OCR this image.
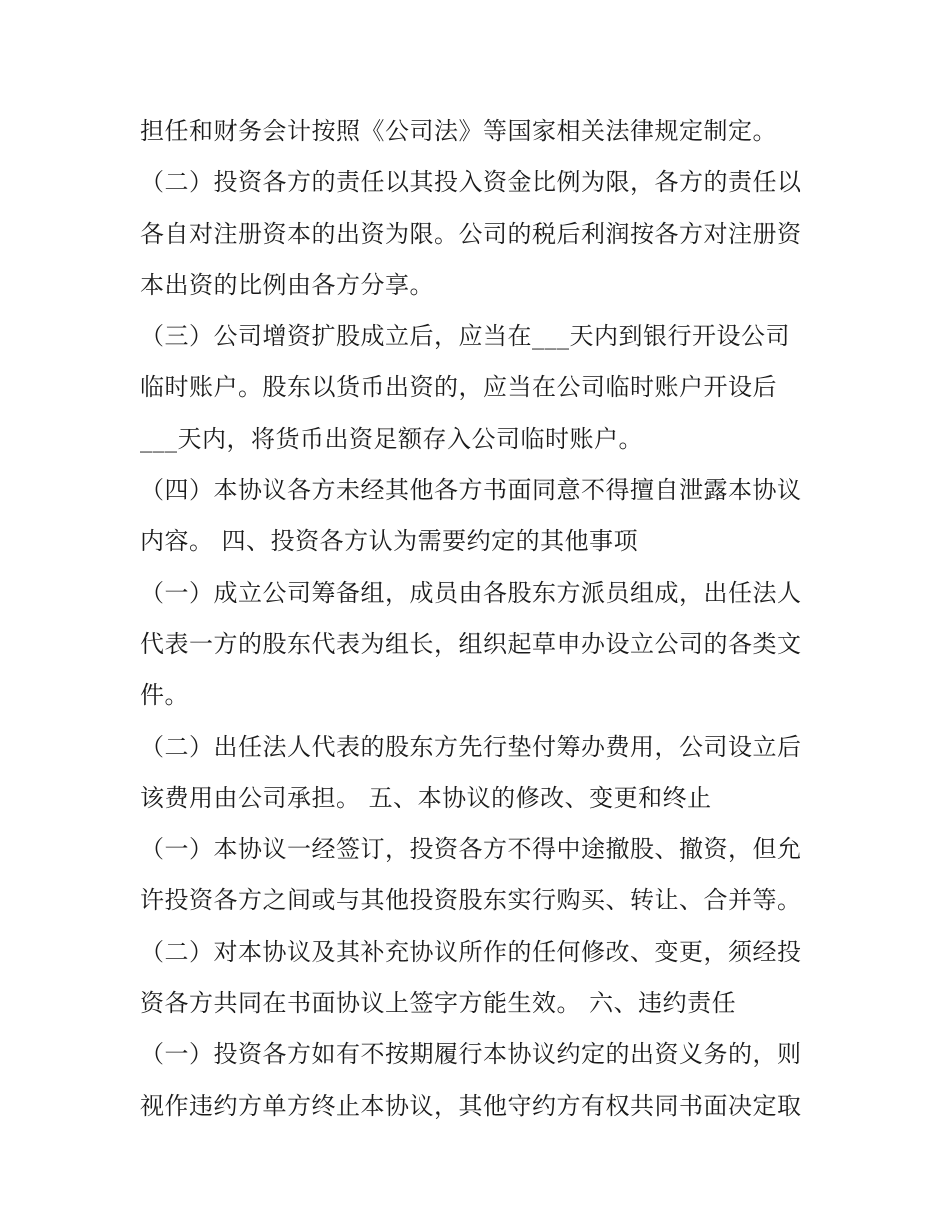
担任和财务会计按照《公司法》等国家相关法律规定制定。
（二）投资各方的责任以其投入资金比例为限，各方的责任以
各自对注册资本的出资为限。公司的税后利润按各方对注册资
本出资的比例由各方分享。
（三）公司增资扩股成立后，应当在___天内到银行开设公司
临时账户。股东以货币出资的，应当在公司临时账户开设后
___天内，将货币出资足额存入公司临时账户。
（四）本协议各方未经其他各方书面同意不得擅自泄露本协议
内容。 四、投资各方认为需要约定的其他事项
（一）成立公司筹备组，成员由各股东方派员组成，出任法人
代表一方的股东代表为组长，组织起草申办设立公司的各类文
件。
（二）出任法人代表的股东方先行垫付筹办费用，公司设立后
该费用由公司承担。 五、本协议的修改、变更和终止
（一）本协议一经签订，投资各方不得中途撤股、撤资，但允
许投资各方之间或与其他投资股东实行购买、转让、合并等。
（二）对本协议及其补充协议所作的任何修改、变更，须经投
资各方共同在书面协议上签字方能生效。 六、违约责任
（一）投资各方如有不按期履行本协议约定的出资义务的，则
视作违约方单方终止本协议，其他守约方有权共同书面决定取
